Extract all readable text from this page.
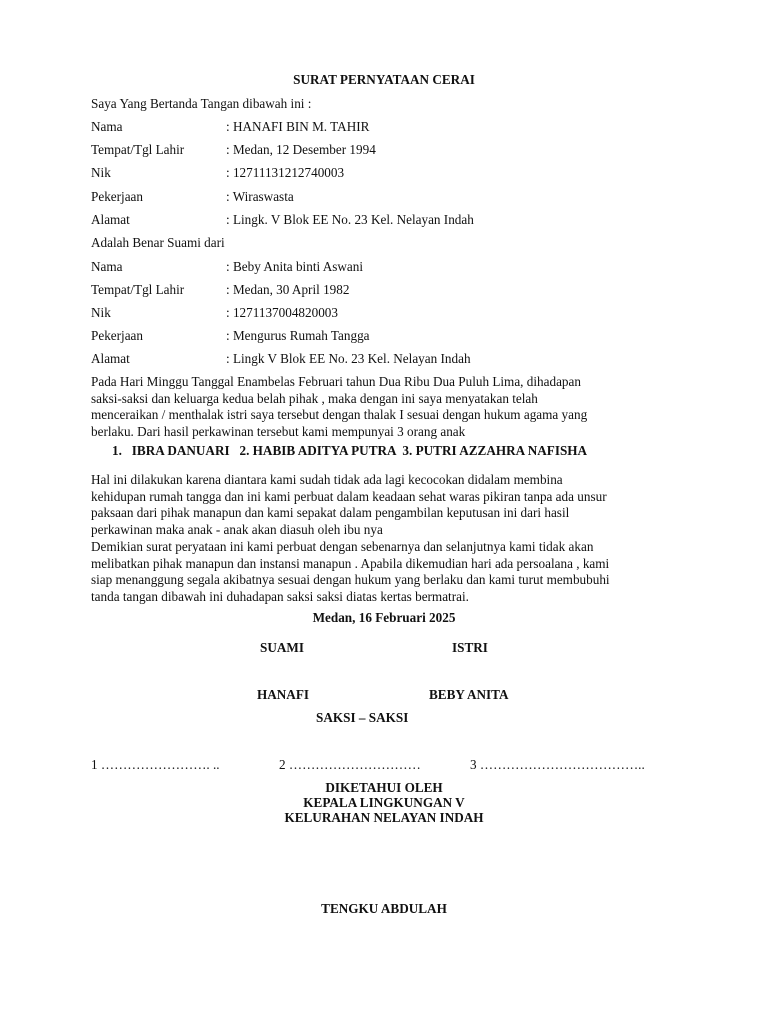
SURAT PERNYATAAN CERAI
Saya Yang Bertanda Tangan dibawah ini :
Nama	: HANAFI BIN M. TAHIR
Tempat/Tgl Lahir	: Medan, 12 Desember 1994
Nik	: 12711131212740003
Pekerjaan	: Wiraswasta
Alamat	: Lingk. V Blok EE No. 23 Kel. Nelayan Indah
Adalah Benar Suami dari
Nama	: Beby Anita binti Aswani
Tempat/Tgl Lahir	: Medan, 30 April 1982
Nik	: 1271137004820003
Pekerjaan	: Mengurus Rumah Tangga
Alamat	: Lingk V Blok EE No. 23 Kel. Nelayan Indah
Pada Hari Minggu Tanggal Enambelas Februari tahun Dua Ribu Dua Puluh Lima, dihadapan
saksi-saksi dan keluarga kedua belah pihak , maka dengan ini saya menyatakan telah
menceraikan / menthalak istri saya tersebut dengan thalak I sesuai dengan hukum agama yang
berlaku. Dari hasil perkawinan tersebut kami mempunyai 3 orang anak
1.   IBRA DANUARI   2. HABIB ADITYA PUTRA  3. PUTRI AZZAHRA NAFISHA
Hal ini dilakukan karena diantara kami sudah tidak ada lagi kecocokan didalam membina
kehidupan rumah tangga dan ini kami perbuat dalam keadaan sehat waras pikiran tanpa ada unsur
paksaan dari pihak manapun dan kami sepakat dalam pengambilan keputusan ini dari hasil
perkawinan maka anak - anak akan diasuh oleh ibu nya
Demikian surat peryataan ini kami perbuat dengan sebenarnya dan selanjutnya kami tidak akan
melibatkan pihak manapun dan instansi manapun . Apabila dikemudian hari ada persoalana , kami
siap menanggung segala akibatnya sesuai dengan hukum yang berlaku dan kami turut membubuhi
tanda tangan dibawah ini duhadapan saksi saksi diatas kertas bermatrai.
Medan, 16 Februari 2025
SUAMI	ISTRI
HANAFI	BEBY ANITA
SAKSI – SAKSI
1 ……………………. ..	2 …………………………	3 ………………………………..
DIKETAHUI OLEH
KEPALA LINGKUNGAN V
KELURAHAN NELAYAN INDAH
TENGKU ABDULAH
